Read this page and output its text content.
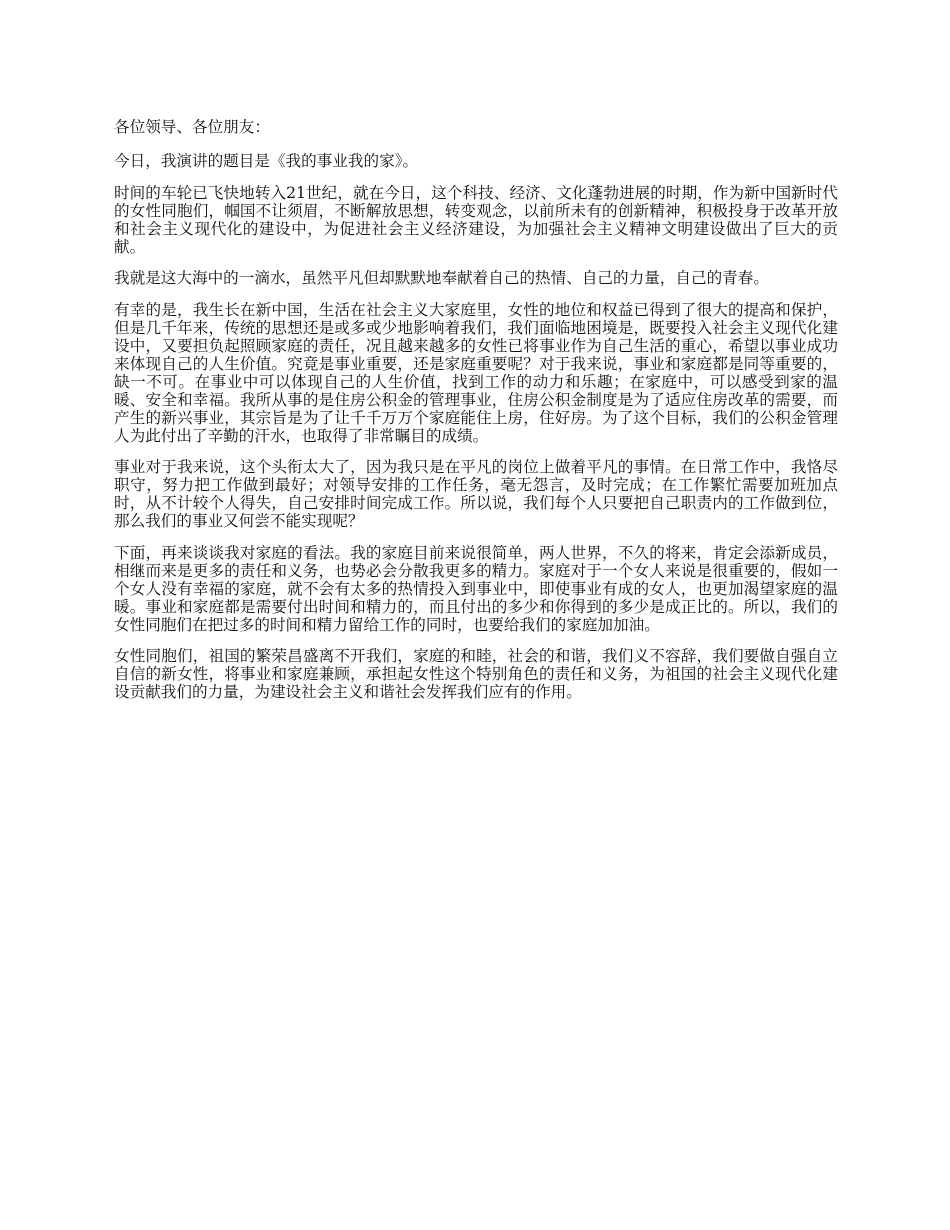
各位领导、各位朋友：

今日，我演讲的题目是《我的事业我的家》。

时间的车轮已飞快地转入21世纪，就在今日，这个科技、经济、文化蓬勃进展的时期，作为新中国新时代的女性同胞们，帼国不让须眉，不断解放思想，转变观念，以前所未有的创新精神，积极投身于改革开放和社会主义现代化的建设中，为促进社会主义经济建设，为加强社会主义精神文明建设做出了巨大的贡献。

我就是这大海中的一滴水，虽然平凡但却默默地奉献着自己的热情、自己的力量，自己的青春。

有幸的是，我生长在新中国，生活在社会主义大家庭里，女性的地位和权益已得到了很大的提高和保护，但是几千年来，传统的思想还是或多或少地影响着我们，我们面临地困境是，既要投入社会主义现代化建设中，又要担负起照顾家庭的责任，况且越来越多的女性已将事业作为自己生活的重心，希望以事业成功来体现自己的人生价值。究竟是事业重要，还是家庭重要呢？对于我来说，事业和家庭都是同等重要的，缺一不可。在事业中可以体现自己的人生价值，找到工作的动力和乐趣；在家庭中，可以感受到家的温暖、安全和幸福。我所从事的是住房公积金的管理事业，住房公积金制度是为了适应住房改革的需要，而产生的新兴事业，其宗旨是为了让千千万万个家庭能住上房，住好房。为了这个目标，我们的公积金管理人为此付出了辛勤的汗水，也取得了非常瞩目的成绩。

事业对于我来说，这个头衔太大了，因为我只是在平凡的岗位上做着平凡的事情。在日常工作中，我恪尽职守，努力把工作做到最好；对领导安排的工作任务，毫无怨言，及时完成；在工作繁忙需要加班加点时，从不计较个人得失，自己安排时间完成工作。所以说，我们每个人只要把自己职责内的工作做到位，那么我们的事业又何尝不能实现呢？

下面，再来谈谈我对家庭的看法。我的家庭目前来说很简单，两人世界，不久的将来，肯定会添新成员，相继而来是更多的责任和义务，也势必会分散我更多的精力。家庭对于一个女人来说是很重要的，假如一个女人没有幸福的家庭，就不会有太多的热情投入到事业中，即使事业有成的女人，也更加渴望家庭的温暖。事业和家庭都是需要付出时间和精力的，而且付出的多少和你得到的多少是成正比的。所以，我们的女性同胞们在把过多的时间和精力留给工作的同时，也要给我们的家庭加加油。

女性同胞们，祖国的繁荣昌盛离不开我们，家庭的和睦，社会的和谐，我们义不容辞，我们要做自强自立自信的新女性，将事业和家庭兼顾，承担起女性这个特别角色的责任和义务，为祖国的社会主义现代化建设贡献我们的力量，为建设社会主义和谐社会发挥我们应有的作用。
